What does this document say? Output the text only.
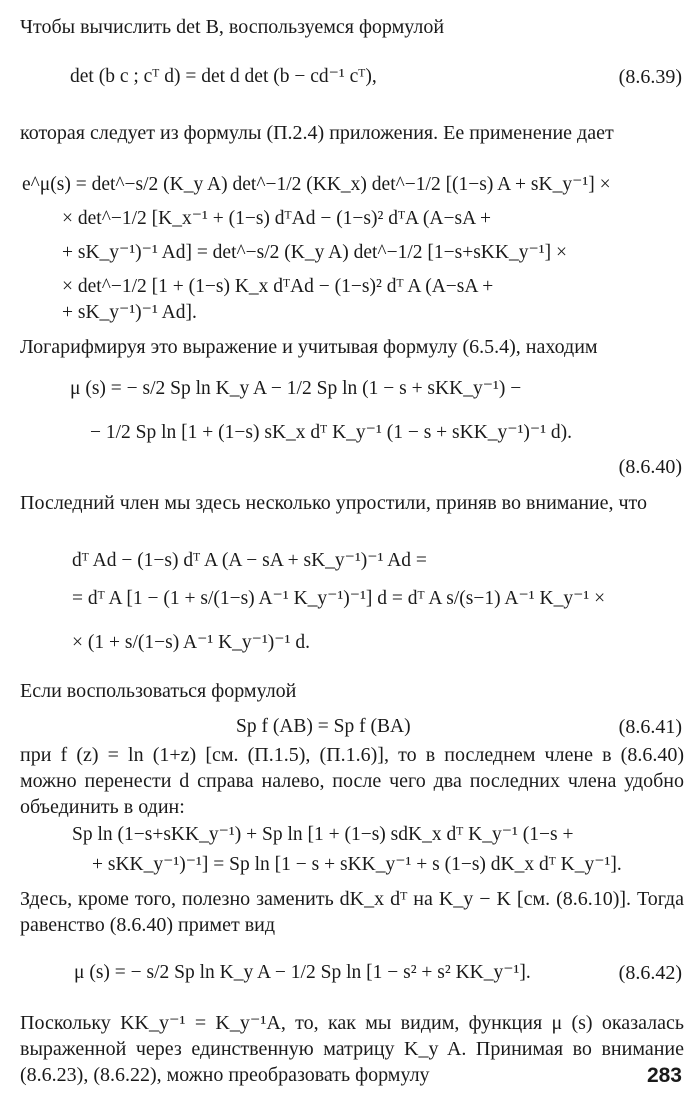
Чтобы вычислить det B, воспользуемся формулой
det (b c ; cᵀ d) = det d det (b − cd⁻¹ cᵀ),	(8.6.39)
которая следует из формулы (П.2.4) приложения. Ее применение дает
e^μ(s) = det^−s/2 (K_y A) det^−1/2 (KK_x) det^−1/2 [(1−s) A + sK_y⁻¹] ×
× det^−1/2 [K_x⁻¹ + (1−s) dᵀAd − (1−s)² dᵀA (A−sA +
+ sK_y⁻¹)⁻¹ Ad] = det^−s/2 (K_y A) det^−1/2 [1−s+sKK_y⁻¹] ×
× det^−1/2 [1 + (1−s) K_x dᵀAd − (1−s)² dᵀ A (A−sA +
+ sK_y⁻¹)⁻¹ Ad].
Логарифмируя это выражение и учитывая формулу (6.5.4), находим
μ (s) = − s/2 Sp ln K_y A − 1/2 Sp ln (1 − s + sKK_y⁻¹) −
− 1/2 Sp ln [1 + (1−s) sK_x dᵀ K_y⁻¹ (1 − s + sKK_y⁻¹)⁻¹ d).
(8.6.40)
Последний член мы здесь несколько упростили, приняв во внимание, что
dᵀ Ad − (1−s) dᵀ A (A − sA + sK_y⁻¹)⁻¹ Ad =
= dᵀ A [1 − (1 + s/(1−s) A⁻¹ K_y⁻¹)⁻¹] d = dᵀ A s/(s−1) A⁻¹ K_y⁻¹ ×
× (1 + s/(1−s) A⁻¹ K_y⁻¹)⁻¹ d.
Если воспользоваться формулой
Sp f (AB) = Sp f (BA)	(8.6.41)
при f (z) = ln (1+z) [см. (П.1.5), (П.1.6)], то в последнем члене в (8.6.40) можно перенести d справа налево, после чего два последних члена удобно объединить в один:
Sp ln (1−s+sKK_y⁻¹) + Sp ln [1 + (1−s) sdK_x dᵀ K_y⁻¹ (1−s +
+ sKK_y⁻¹)⁻¹] = Sp ln [1 − s + sKK_y⁻¹ + s (1−s) dK_x dᵀ K_y⁻¹].
Здесь, кроме того, полезно заменить dK_x dᵀ на K_y − K [см. (8.6.10)]. Тогда равенство (8.6.40) примет вид
μ (s) = − s/2 Sp ln K_y A − 1/2 Sp ln [1 − s² + s² KK_y⁻¹].	(8.6.42)
Поскольку KK_y⁻¹ = K_y⁻¹A, то, как мы видим, функция μ (s) оказалась выраженной через единственную матрицу K_y A. Принимая во внимание (8.6.23), (8.6.22), можно преобразовать формулу	283
